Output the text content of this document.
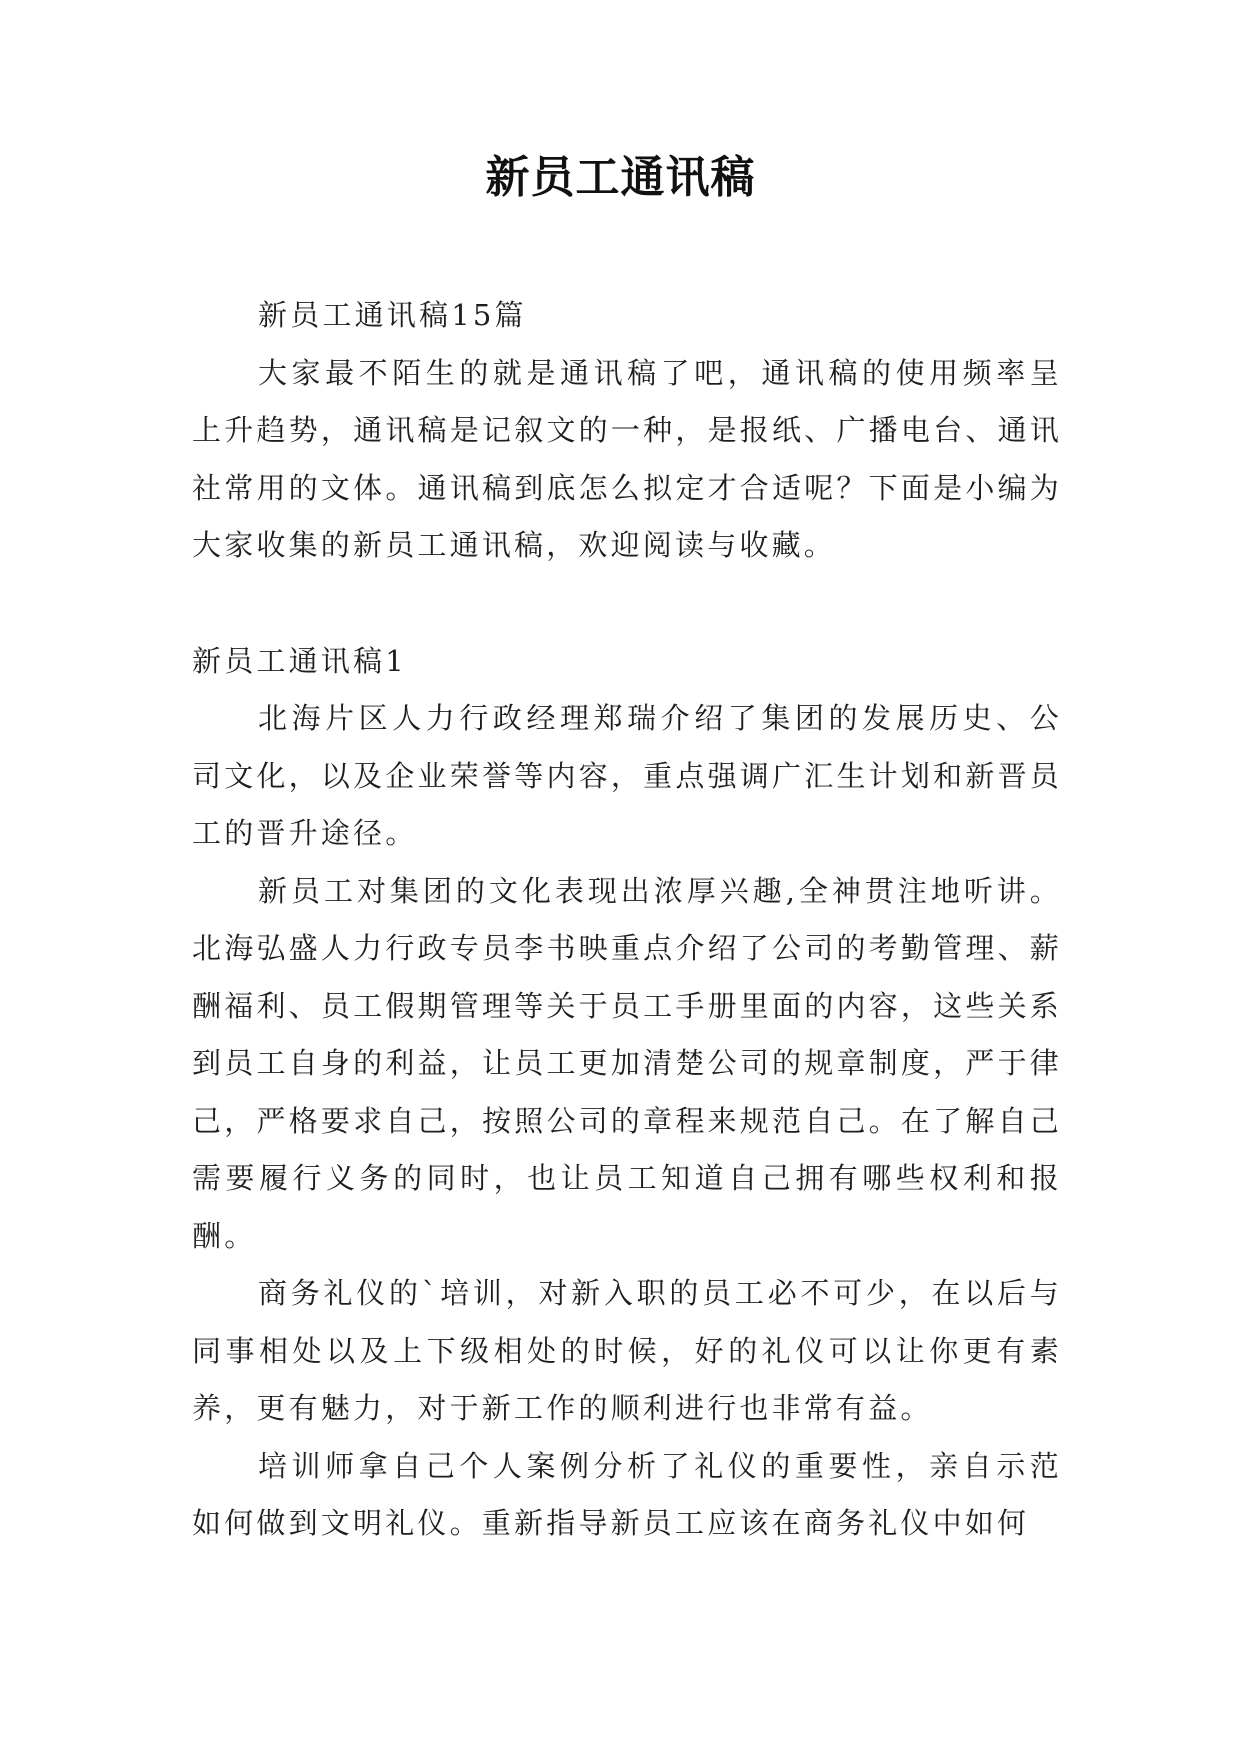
新员工通讯稿

新员工通讯稿15篇

大家最不陌生的就是通讯稿了吧，通讯稿的使用频率呈上升趋势，通讯稿是记叙文的一种，是报纸、广播电台、通讯社常用的文体。通讯稿到底怎么拟定才合适呢？下面是小编为大家收集的新员工通讯稿，欢迎阅读与收藏。

新员工通讯稿1

北海片区人力行政经理郑瑞介绍了集团的发展历史、公司文化，以及企业荣誉等内容，重点强调广汇生计划和新晋员工的晋升途径。

新员工对集团的文化表现出浓厚兴趣,全神贯注地听讲。北海弘盛人力行政专员李书映重点介绍了公司的考勤管理、薪酬福利、员工假期管理等关于员工手册里面的内容，这些关系到员工自身的利益，让员工更加清楚公司的规章制度，严于律己，严格要求自己，按照公司的章程来规范自己。在了解自己需要履行义务的同时，也让员工知道自己拥有哪些权利和报酬。

商务礼仪的`培训，对新入职的员工必不可少，在以后与同事相处以及上下级相处的时候，好的礼仪可以让你更有素养，更有魅力，对于新工作的顺利进行也非常有益。

培训师拿自己个人案例分析了礼仪的重要性，亲自示范如何做到文明礼仪。重新指导新员工应该在商务礼仪中如何
